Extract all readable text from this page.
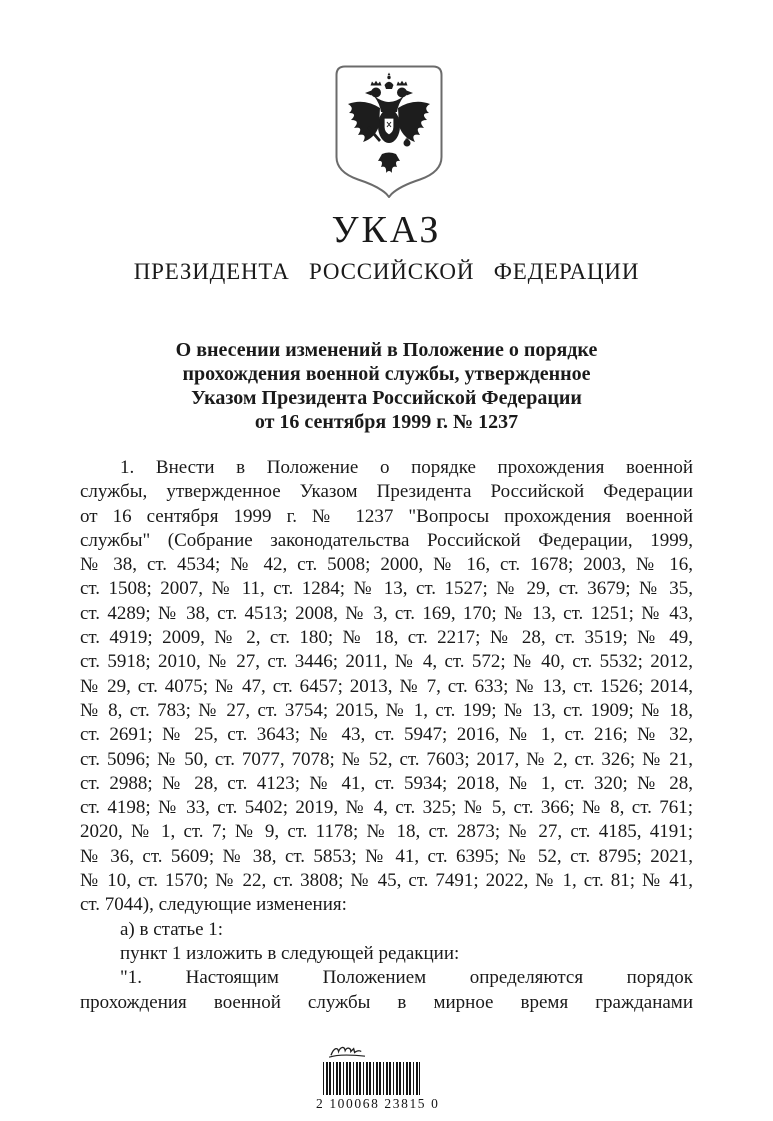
УКАЗ
ПРЕЗИДЕНТА РОССИЙСКОЙ ФЕДЕРАЦИИ
О внесении изменений в Положение о порядке
прохождения военной службы, утвержденное
Указом Президента Российской Федерации
от 16 сентября 1999 г. № 1237
1. Внести в Положение о порядке прохождения военной
службы, утвержденное Указом Президента Российской Федерации
от 16 сентября 1999 г. № 1237 "Вопросы прохождения военной
службы" (Собрание законодательства Российской Федерации, 1999,
№ 38, ст. 4534; № 42, ст. 5008; 2000, № 16, ст. 1678; 2003, № 16,
ст. 1508; 2007, № 11, ст. 1284; № 13, ст. 1527; № 29, ст. 3679; № 35,
ст. 4289; № 38, ст. 4513; 2008, № 3, ст. 169, 170; № 13, ст. 1251; № 43,
ст. 4919; 2009, № 2, ст. 180; № 18, ст. 2217; № 28, ст. 3519; № 49,
ст. 5918; 2010, № 27, ст. 3446; 2011, № 4, ст. 572; № 40, ст. 5532; 2012,
№ 29, ст. 4075; № 47, ст. 6457; 2013, № 7, ст. 633; № 13, ст. 1526; 2014,
№ 8, ст. 783; № 27, ст. 3754; 2015, № 1, ст. 199; № 13, ст. 1909; № 18,
ст. 2691; № 25, ст. 3643; № 43, ст. 5947; 2016, № 1, ст. 216; № 32,
ст. 5096; № 50, ст. 7077, 7078; № 52, ст. 7603; 2017, № 2, ст. 326; № 21,
ст. 2988; № 28, ст. 4123; № 41, ст. 5934; 2018, № 1, ст. 320; № 28,
ст. 4198; № 33, ст. 5402; 2019, № 4, ст. 325; № 5, ст. 366; № 8, ст. 761;
2020, № 1, ст. 7; № 9, ст. 1178; № 18, ст. 2873; № 27, ст. 4185, 4191;
№ 36, ст. 5609; № 38, ст. 5853; № 41, ст. 6395; № 52, ст. 8795; 2021,
№ 10, ст. 1570; № 22, ст. 3808; № 45, ст. 7491; 2022, № 1, ст. 81; № 41,
ст. 7044), следующие изменения:
а) в статье 1:
пункт 1 изложить в следующей редакции:
"1. Настоящим Положением определяются порядок
прохождения военной службы в мирное время гражданами
2 100068 23815 0
